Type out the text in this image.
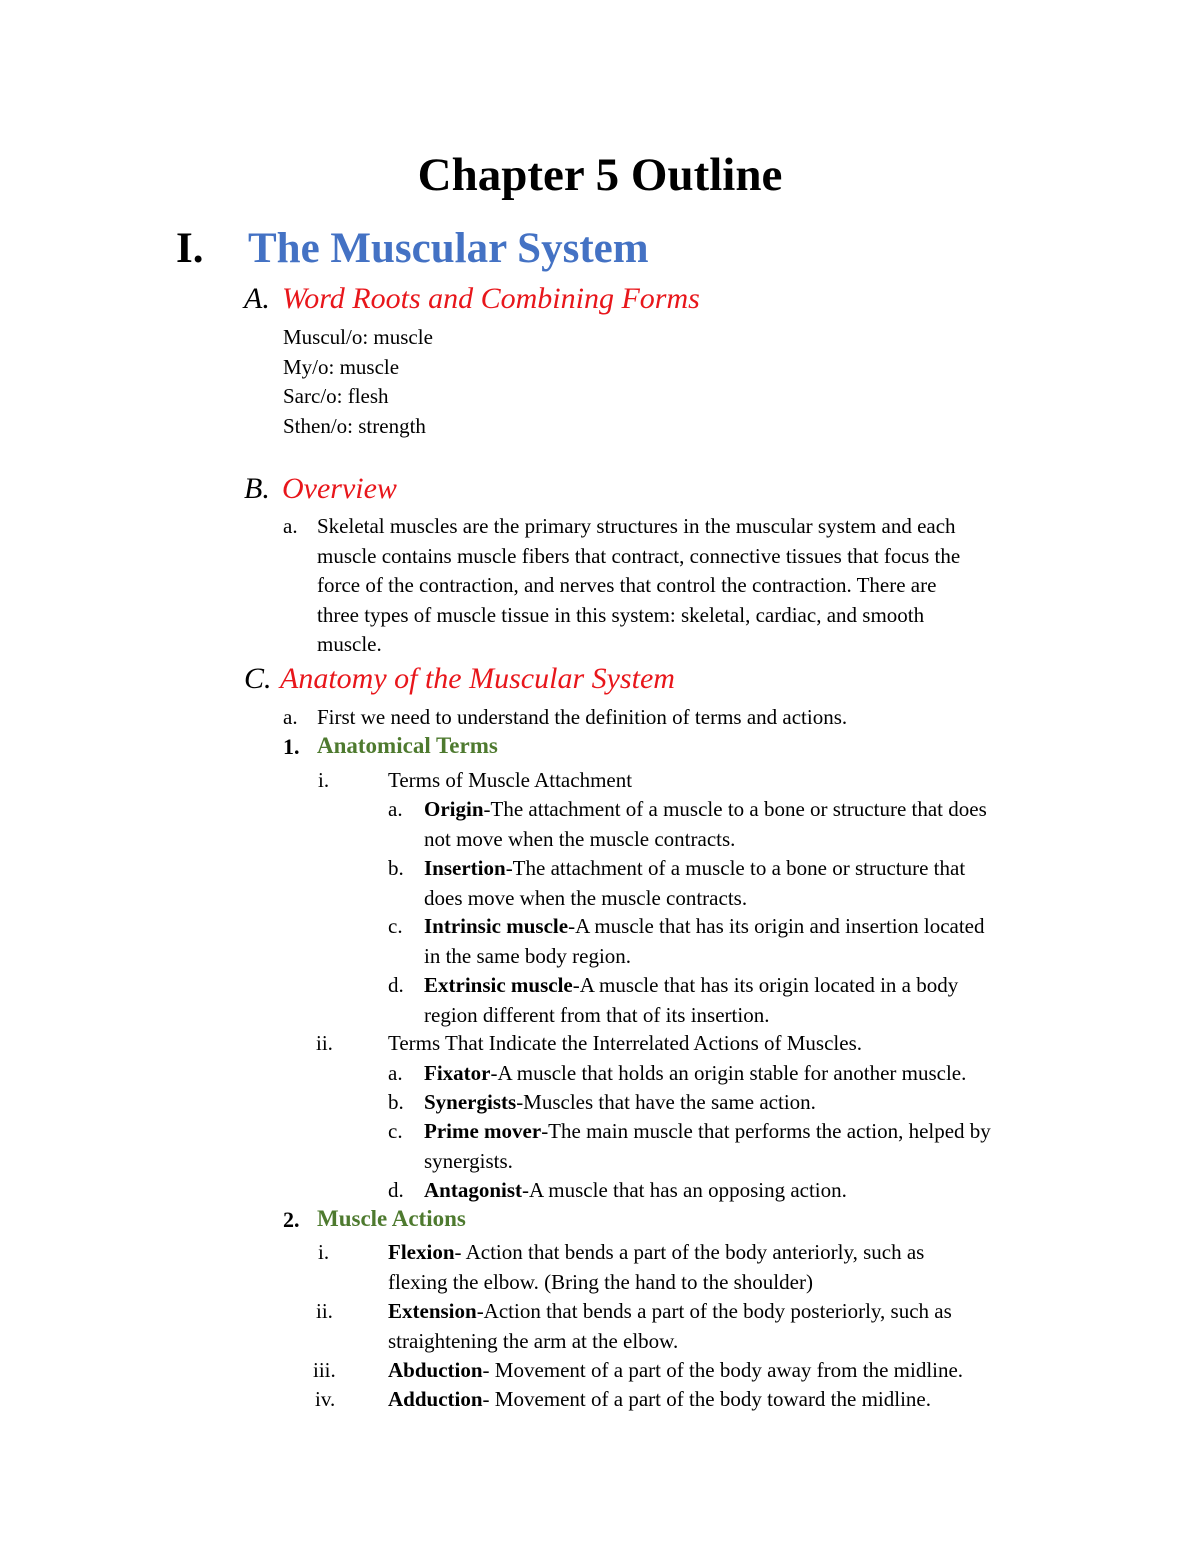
Chapter 5 Outline
I. The Muscular System
A. Word Roots and Combining Forms
Muscul/o: muscle
My/o: muscle
Sarc/o: flesh
Sthen/o: strength
B. Overview
a. Skeletal muscles are the primary structures in the muscular system and each
muscle contains muscle fibers that contract, connective tissues that focus the
force of the contraction, and nerves that control the contraction. There are
three types of muscle tissue in this system: skeletal, cardiac, and smooth
muscle.
C. Anatomy of the Muscular System
a. First we need to understand the definition of terms and actions.
1. Anatomical Terms
i.	Terms of Muscle Attachment
a. Origin-The attachment of a muscle to a bone or structure that does
not move when the muscle contracts.
b. Insertion-The attachment of a muscle to a bone or structure that
does move when the muscle contracts.
c. Intrinsic muscle-A muscle that has its origin and insertion located
in the same body region.
d. Extrinsic muscle-A muscle that has its origin located in a body
region different from that of its insertion.
ii.	Terms That Indicate the Interrelated Actions of Muscles.
a. Fixator-A muscle that holds an origin stable for another muscle.
b. Synergists-Muscles that have the same action.
c. Prime mover-The main muscle that performs the action, helped by
synergists.
d. Antagonist-A muscle that has an opposing action.
2. Muscle Actions
i.	Flexion- Action that bends a part of the body anteriorly, such as
flexing the elbow. (Bring the hand to the shoulder)
ii.	Extension-Action that bends a part of the body posteriorly, such as
straightening the arm at the elbow.
iii. Abduction- Movement of a part of the body away from the midline.
iv.	Adduction- Movement of a part of the body toward the midline.
